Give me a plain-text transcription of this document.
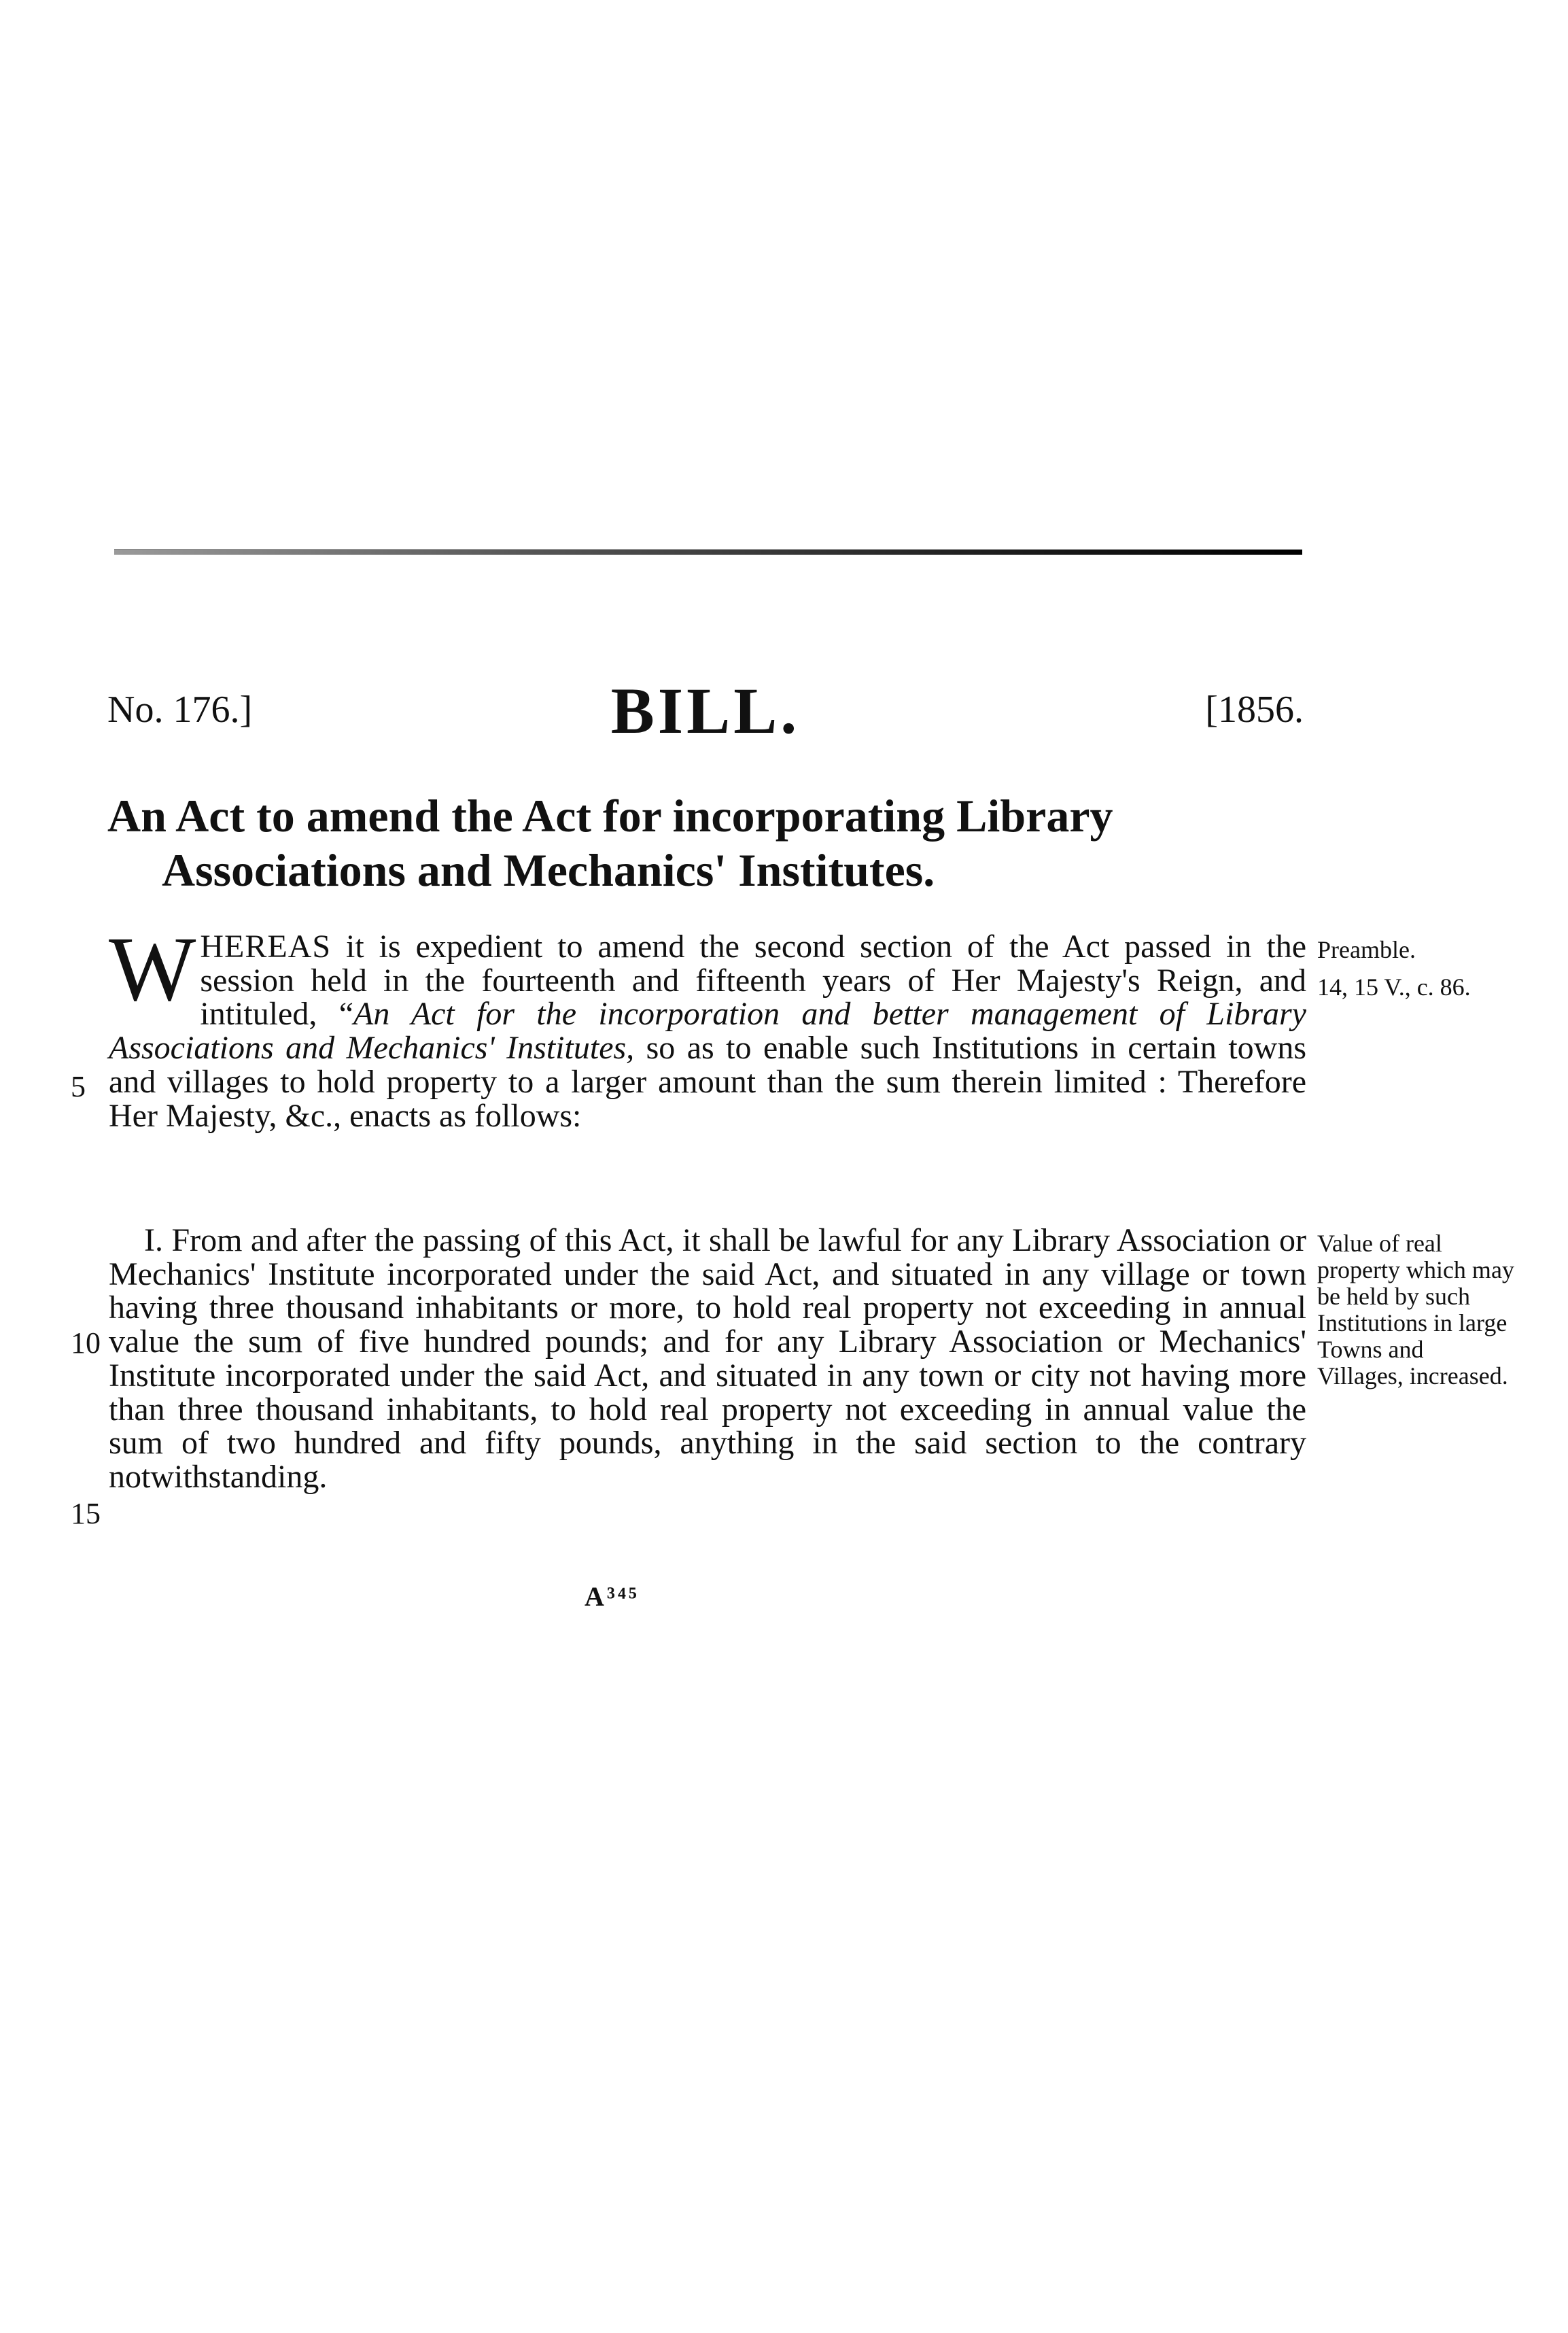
No. 176.]	BILL.	[1856.
An Act to amend the Act for incorporating Library Associations and Mechanics' Institutes.
WHEREAS it is expedient to amend the second section of the Act passed in the session held in the fourteenth and fifteenth years of Her Majesty's Reign, and intituled, “An Act for the incorporation and better management of Library Associations and Mechanics' Institutes, so as to enable such Institutions in certain towns and villages to hold property to a larger amount than the sum therein limited : Therefore Her Majesty, &c., enacts as follows:
I. From and after the passing of this Act, it shall be lawful for any Library Association or Mechanics' Institute incorporated under the said Act, and situated in any village or town having three thousand inhabitants or more, to hold real property not exceeding in annual value the sum of five hundred pounds; and for any Library Association or Mechanics' Institute incorporated under the said Act, and situated in any town or city not having more than three thousand inhabitants, to hold real property not exceeding in annual value the sum of two hundred and fifty pounds, anything in the said section to the contrary notwithstanding.
A³⁴⁵
5
10
15
Preamble.
14, 15 V., c. 86.
Value of real property which may be held by such Institutions in large Towns and Villages, increased.
